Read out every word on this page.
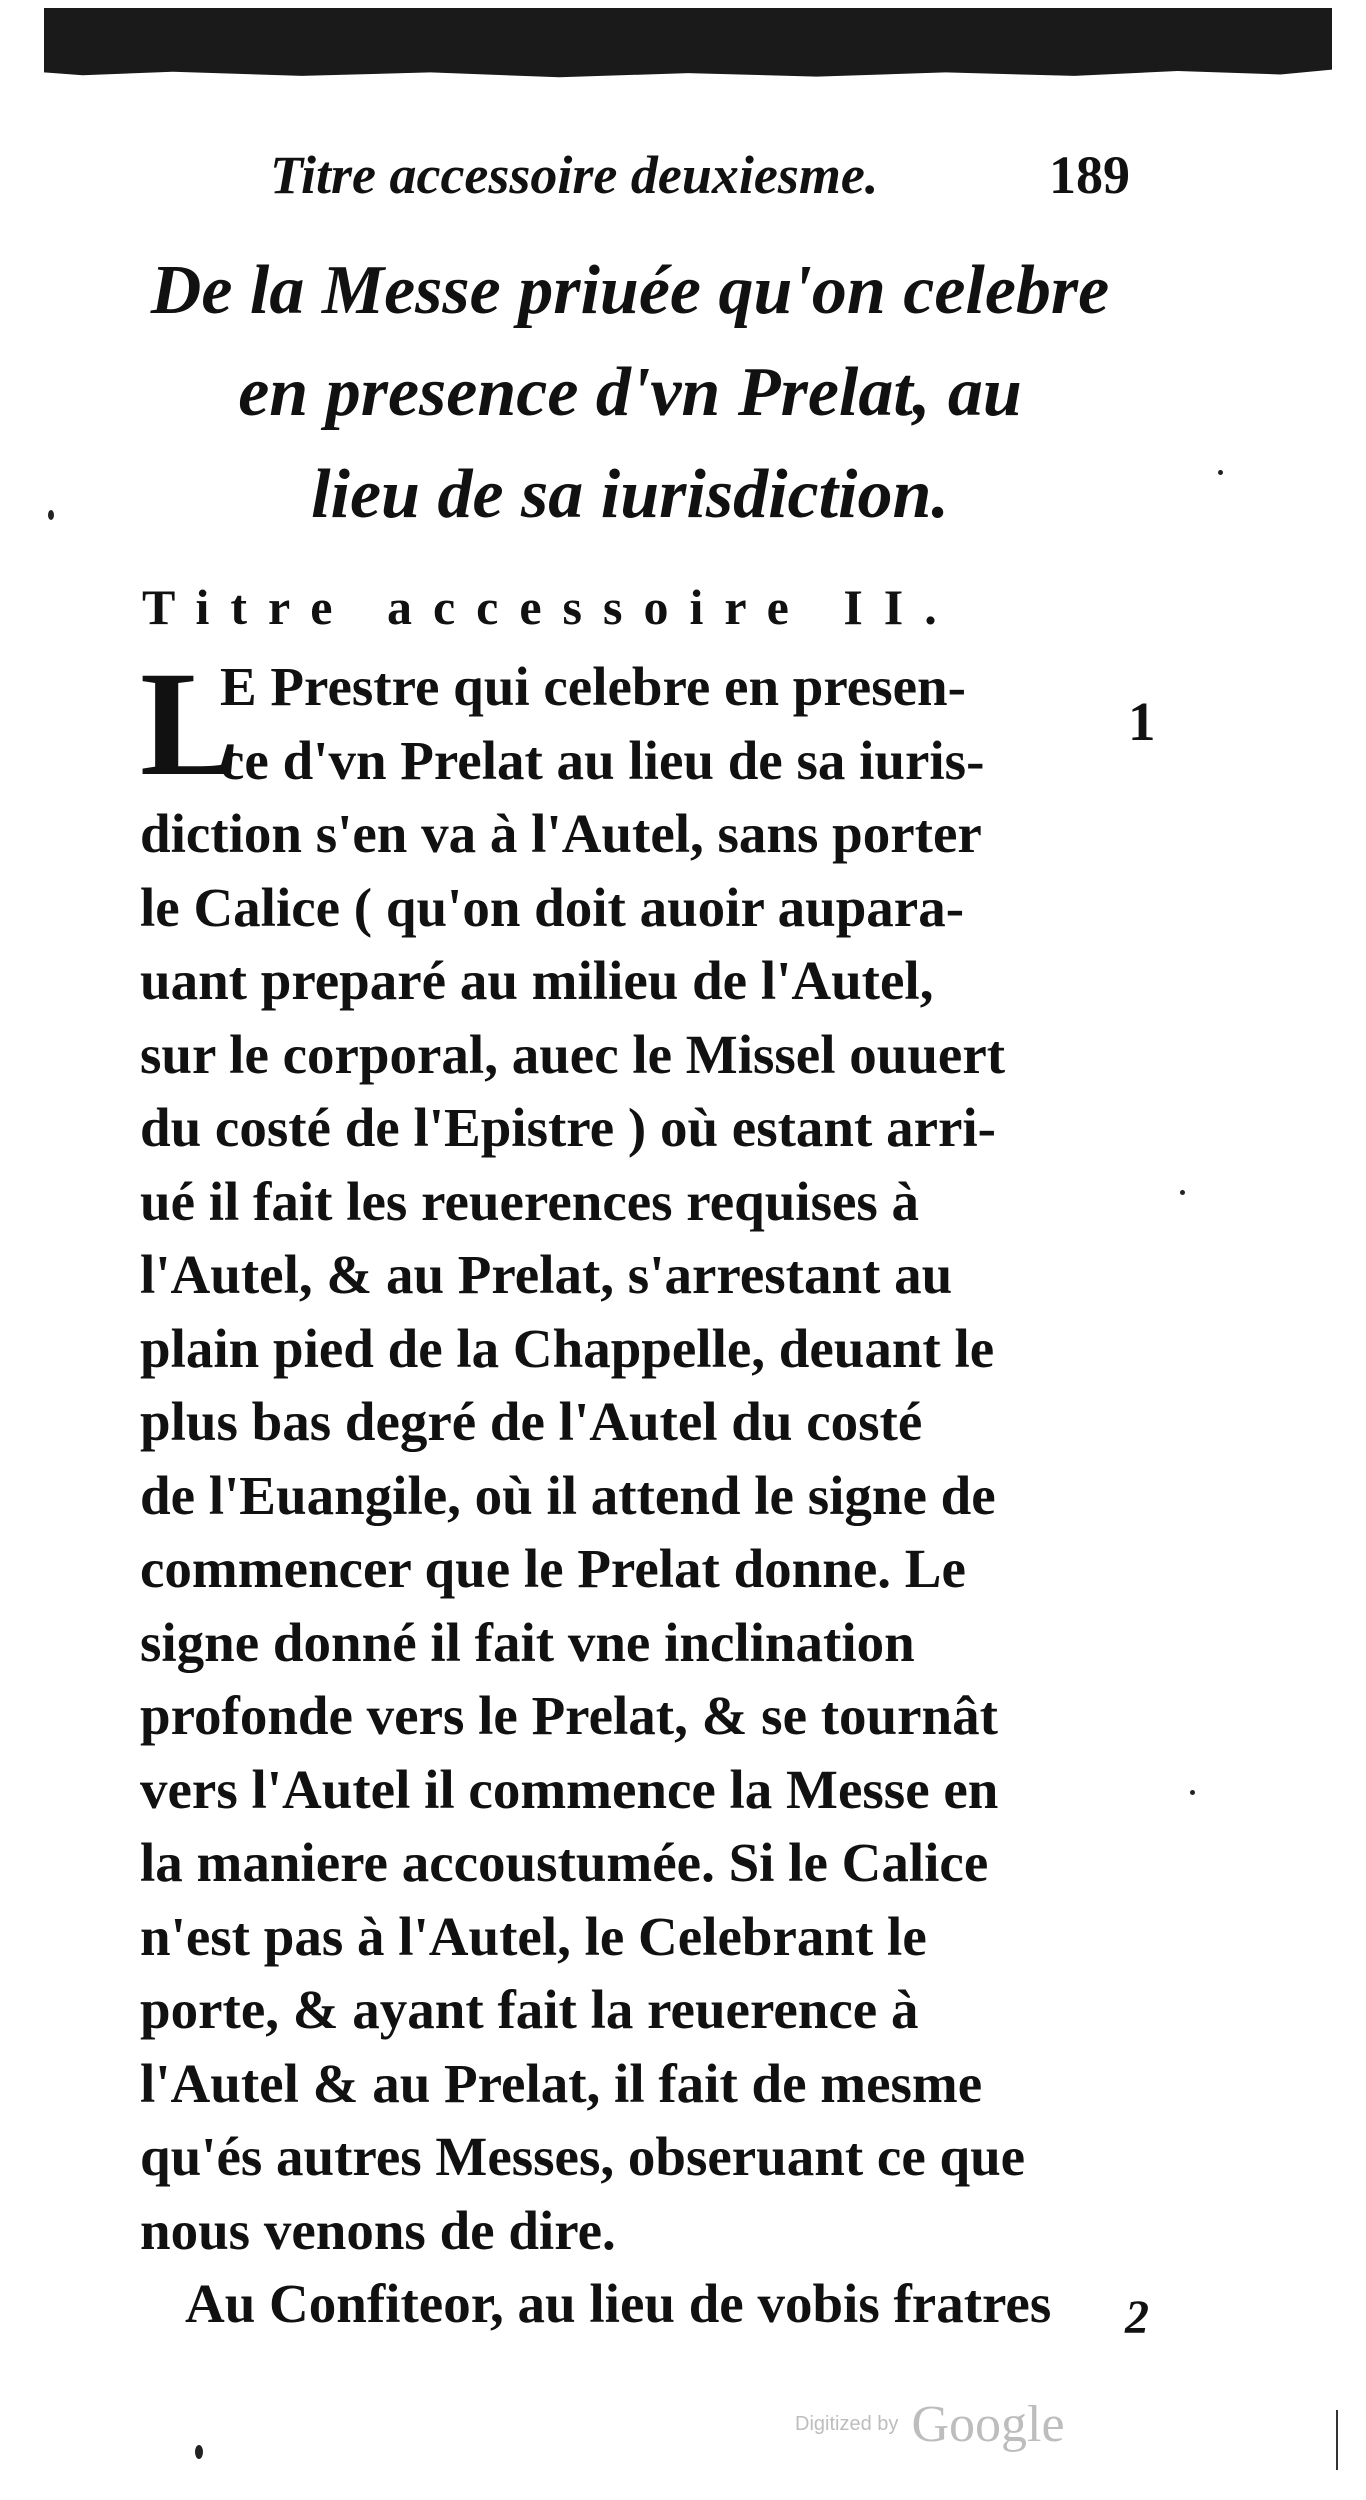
Titre accessoire deuxiesme.	189
De la Messe priuée qu'on celebre
en presence d'vn Prelat, au
lieu de sa iurisdiction.
Titre accessoire II.
L
E Prestre qui celebre en presen-
ce d'vn Prelat au lieu de sa iuris-
diction s'en va à l'Autel, sans porter
le Calice ( qu'on doit auoir aupara-
uant preparé au milieu de l'Autel,
sur le corporal, auec le Missel ouuert
du costé de l'Epistre ) où estant arri-
ué il fait les reuerences requises à
l'Autel, & au Prelat, s'arrestant au
plain pied de la Chappelle, deuant le
plus bas degré de l'Autel du costé
de l'Euangile, où il attend le signe de
commencer que le Prelat donne. Le
signe donné il fait vne inclination
profonde vers le Prelat, & se tournât
vers l'Autel il commence la Messe en
la maniere accoustumée. Si le Calice
n'est pas à l'Autel, le Celebrant le
porte, & ayant fait la reuerence à
l'Autel & au Prelat, il fait de mesme
qu'és autres Messes, obseruant ce que
nous venons de dire.
Au Confiteor, au lieu de vobis fratres
1
2
Digitized by Google
